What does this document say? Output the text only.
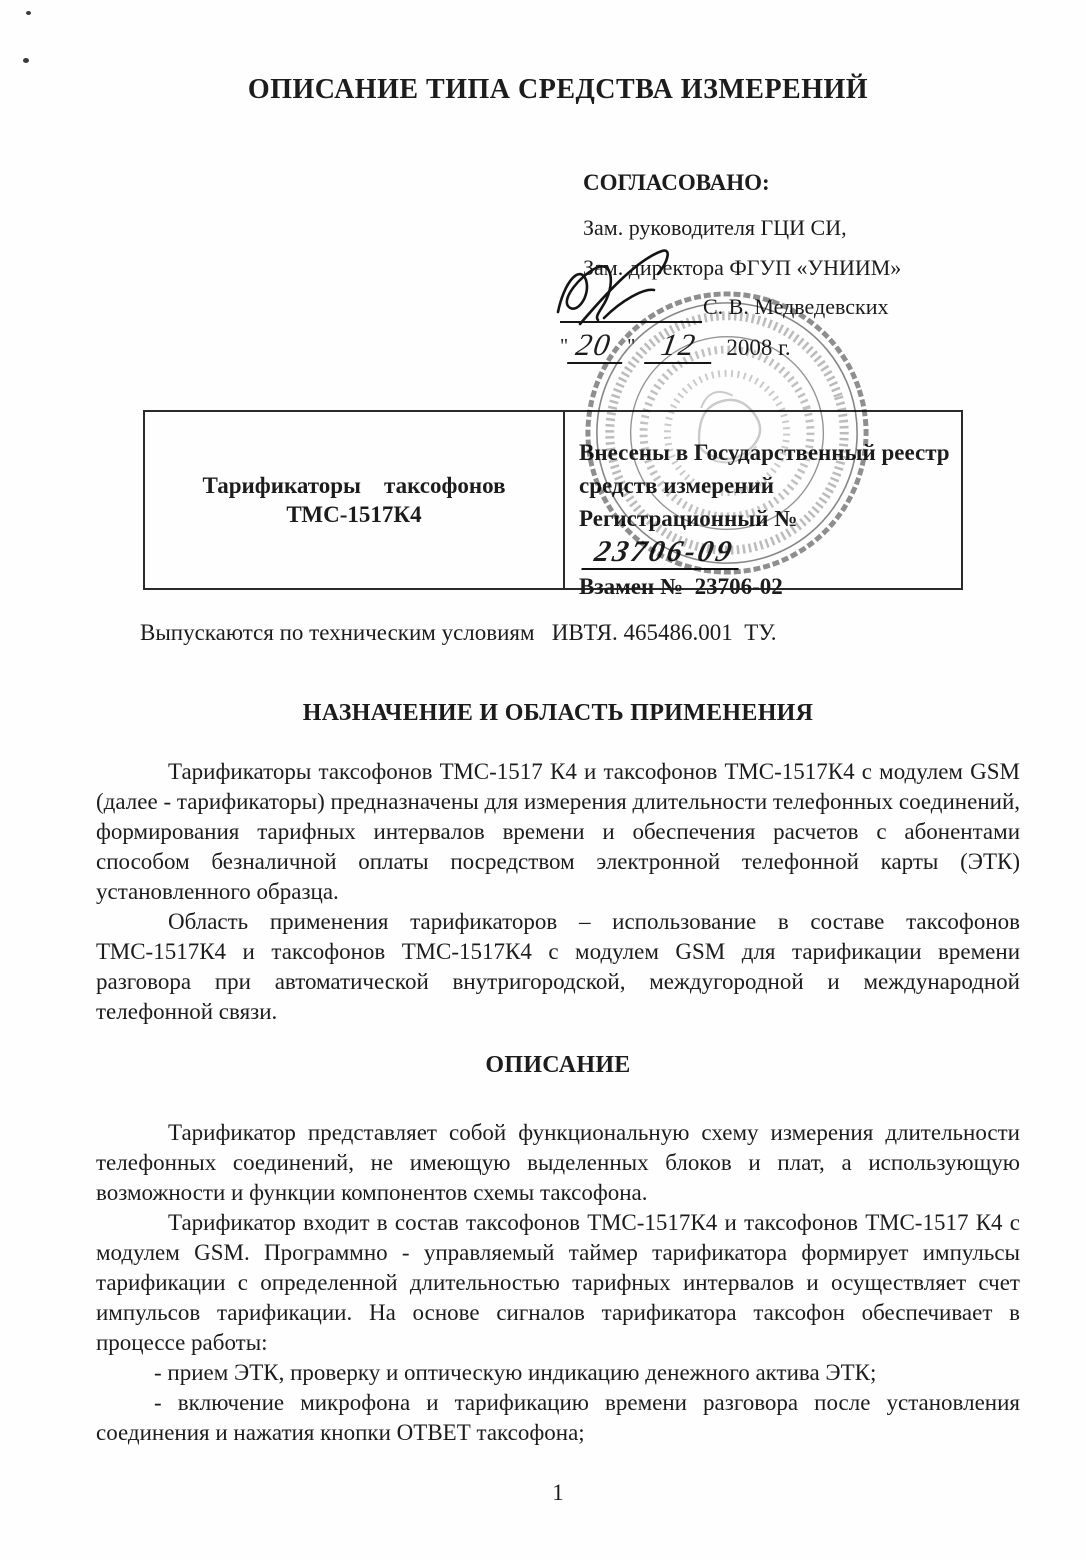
ОПИСАНИЕ ТИПА СРЕДСТВА ИЗМЕРЕНИЙ
СОГЛАСОВАНО:
Зам. руководителя ГЦИ СИ,
Зам. директора ФГУП «УНИИМ»
С. В. Медведевских
" 20 " 12	2008 г.
Тарификаторы    таксофонов
ТМС-1517К4
Внесены в Государственный реестр
средств измерений
Регистрационный №23706-09
Взамен №  23706-02
Выпускаются по техническим условиям   ИВТЯ. 465486.001  ТУ.
НАЗНАЧЕНИЕ И ОБЛАСТЬ ПРИМЕНЕНИЯ

Тарификаторы таксофонов ТМС-1517 К4 и таксофонов ТМС-1517К4 с модулем GSM (далее - тарификаторы) предназначены для измерения длительности телефонных соединений, формирования тарифных интервалов времени и обеспечения расчетов с абонентами способом безналичной оплаты посредством электронной телефонной карты (ЭТК) установленного образца.

Область применения тарификаторов – использование в составе таксофонов ТМС-1517К4 и таксофонов ТМС-1517К4 с модулем GSM для тарификации времени разговора при автоматической внутригородской, междугородной и международной телефонной связи.

ОПИСАНИЕ

Тарификатор представляет собой функциональную схему измерения длительности телефонных соединений, не имеющую выделенных блоков и плат, а использующую возможности и функции компонентов схемы таксофона.

Тарификатор входит в состав таксофонов ТМС-1517К4 и таксофонов ТМС-1517 К4 с модулем GSM. Программно - управляемый таймер тарификатора формирует импульсы тарификации с определенной длительностью тарифных интервалов и осуществляет счет импульсов тарификации. На основе сигналов тарификатора таксофон обеспечивает в процессе работы:

- прием ЭТК, проверку и оптическую индикацию денежного актива ЭТК;

- включение микрофона и тарификацию времени разговора после установления соединения и нажатия кнопки ОТВЕТ таксофона;

1
